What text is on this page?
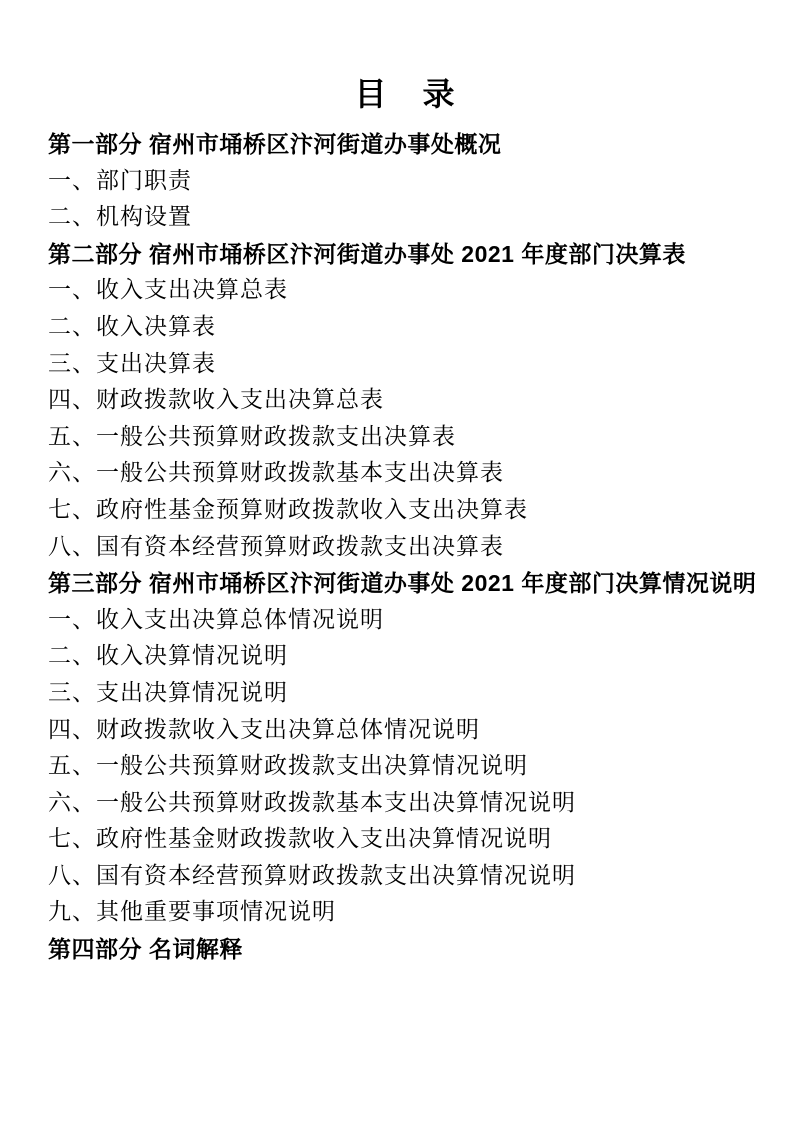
目　录
第一部分 宿州市埇桥区汴河街道办事处概况
一、部门职责
二、机构设置
第二部分 宿州市埇桥区汴河街道办事处 2021 年度部门决算表
一、收入支出决算总表
二、收入决算表
三、支出决算表
四、财政拨款收入支出决算总表
五、一般公共预算财政拨款支出决算表
六、一般公共预算财政拨款基本支出决算表
七、政府性基金预算财政拨款收入支出决算表
八、国有资本经营预算财政拨款支出决算表
第三部分 宿州市埇桥区汴河街道办事处 2021 年度部门决算情况说明
一、收入支出决算总体情况说明
二、收入决算情况说明
三、支出决算情况说明
四、财政拨款收入支出决算总体情况说明
五、一般公共预算财政拨款支出决算情况说明
六、一般公共预算财政拨款基本支出决算情况说明
七、政府性基金财政拨款收入支出决算情况说明
八、国有资本经营预算财政拨款支出决算情况说明
九、其他重要事项情况说明
第四部分 名词解释
